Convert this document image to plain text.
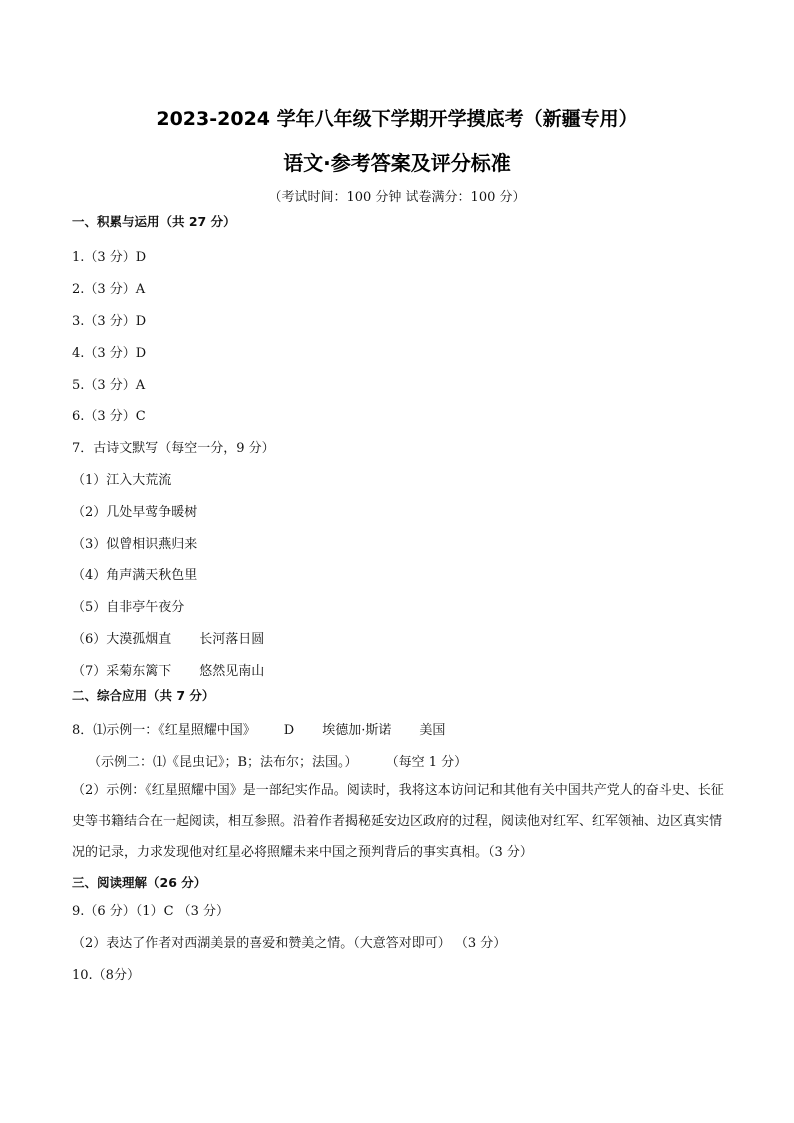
2023-2024 学年八年级下学期开学摸底考（新疆专用）
语文·参考答案及评分标准
（考试时间：100 分钟 试卷满分：100 分）
一、积累与运用（共 27 分）
1.（3 分）D
2.（3 分）A
3.（3 分）D
4.（3 分）D
5.（3 分）A
6.（3 分）C
7．古诗文默写（每空一分，9 分）
（1）江入大荒流
（2）几处早莺争暖树
（3）似曾相识燕归来
（4）角声满天秋色里
（5）自非亭午夜分
（6）大漠孤烟直 长河落日圆
（7）采菊东篱下 悠然见南山
二、综合应用（共 7 分）
8．⑴示例一：《红星照耀中国》 D 埃德加·斯诺 美国
（示例二：⑴《昆虫记》；B；法布尔；法国。） （每空 1 分）
（2）示例：《红星照耀中国》是一部纪实作品。阅读时，我将这本访问记和其他有关中国共产党人的奋斗史、长征史等书籍结合在一起阅读，相互参照。沿着作者揭秘延安边区政府的过程，阅读他对红军、红军领袖、边区真实情况的记录，力求发现他对红星必将照耀未来中国之预判背后的事实真相。（3 分）
三、阅读理解（26 分）
9.（6 分）（1）C （3 分）
（2）表达了作者对西湖美景的喜爱和赞美之情。（大意答对即可） （3 分）
10.（8分）
